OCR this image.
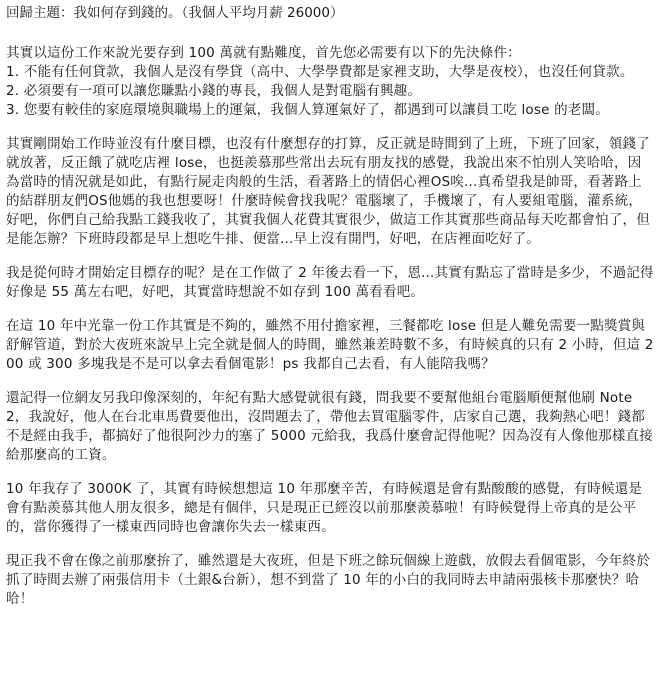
回歸主題：我如何存到錢的。（我個人平均月薪 26000）

其實以這份工作來說光要存到 100 萬就有點難度，首先您必需要有以下的先決條件：

1. 不能有任何貸款，我個人是沒有學貸（高中、大學學費都是家裡支助，大學是夜校），也沒任何貸款。

2. 必須要有一項可以讓您賺點小錢的專長，我個人是對電腦有興趣。

3. 您要有較佳的家庭環境與職場上的運氣，我個人算運氣好了，都遇到可以讓員工吃 lose 的老闆。

其實剛開始工作時並沒有什麼目標，也沒有什麼想存的打算，反正就是時間到了上班，下班了回家，領錢了就放著，反正餓了就吃店裡 lose，也挺羨慕那些常出去玩有朋友找的感覺，我說出來不怕別人笑哈哈，因為當時的情況就是如此，有點行屍走肉般的生活，看著路上的情侶心裡OS唉...真希望我是帥哥，看著路上的結群朋友們OS他媽的我也想要呀！什麼時候會找我呢？電腦壞了，手機壞了，有人要組電腦，灌系統，好吧，你們自己給我點工錢我收了，其實我個人花費其實很少，做這工作其實那些商品每天吃都會怕了，但是能怎辦？下班時段都是早上想吃牛排、便當...早上沒有開門，好吧，在店裡面吃好了。

我是從何時才開始定目標存的呢？是在工作做了 2 年後去看一下，恩...其實有點忘了當時是多少，不過記得好像是 55 萬左右吧，好吧，其實當時想說不如存到 100 萬看看吧。

在這 10 年中光靠一份工作其實是不夠的，雖然不用付擔家裡，三餐都吃 lose 但是人難免需要一點獎賞與舒解管道，對於大夜班來說早上完全就是個人的時間，雖然兼差時數不多，有時候真的只有 2 小時，但這 200 或 300 多塊我是不是可以拿去看個電影！ps 我都自己去看，有人能陪我嗎？

還記得一位網友另我印像深刻的，年紀有點大感覺就很有錢，問我要不要幫他組台電腦順便幫他刷 Note 2，我說好，他人在台北車馬費要他出，沒問題去了，帶他去買電腦零件，店家自己選，我夠熱心吧！錢都不是經由我手，都搞好了他很阿沙力的塞了 5000 元給我，我爲什麼會記得他呢？因為沒有人像他那樣直接給那麼高的工資。

10 年我存了 3000K 了，其實有時候想想這 10 年那麼辛苦，有時候還是會有點酸酸的感覺，有時候還是會有點羨慕其他人朋友很多，總是有個伴，只是現正已經沒以前那麼羨慕啦！有時候覺得上帝真的是公平的，當你獲得了一樣東西同時也會讓你失去一樣東西。

現正我不會在像之前那麼拚了，雖然還是大夜班，但是下班之餘玩個線上遊戲，放假去看個電影，今年終於抓了時間去辦了兩張信用卡（土銀&台新），想不到當了 10 年的小白的我同時去申請兩張核卡那麼快？哈哈！
